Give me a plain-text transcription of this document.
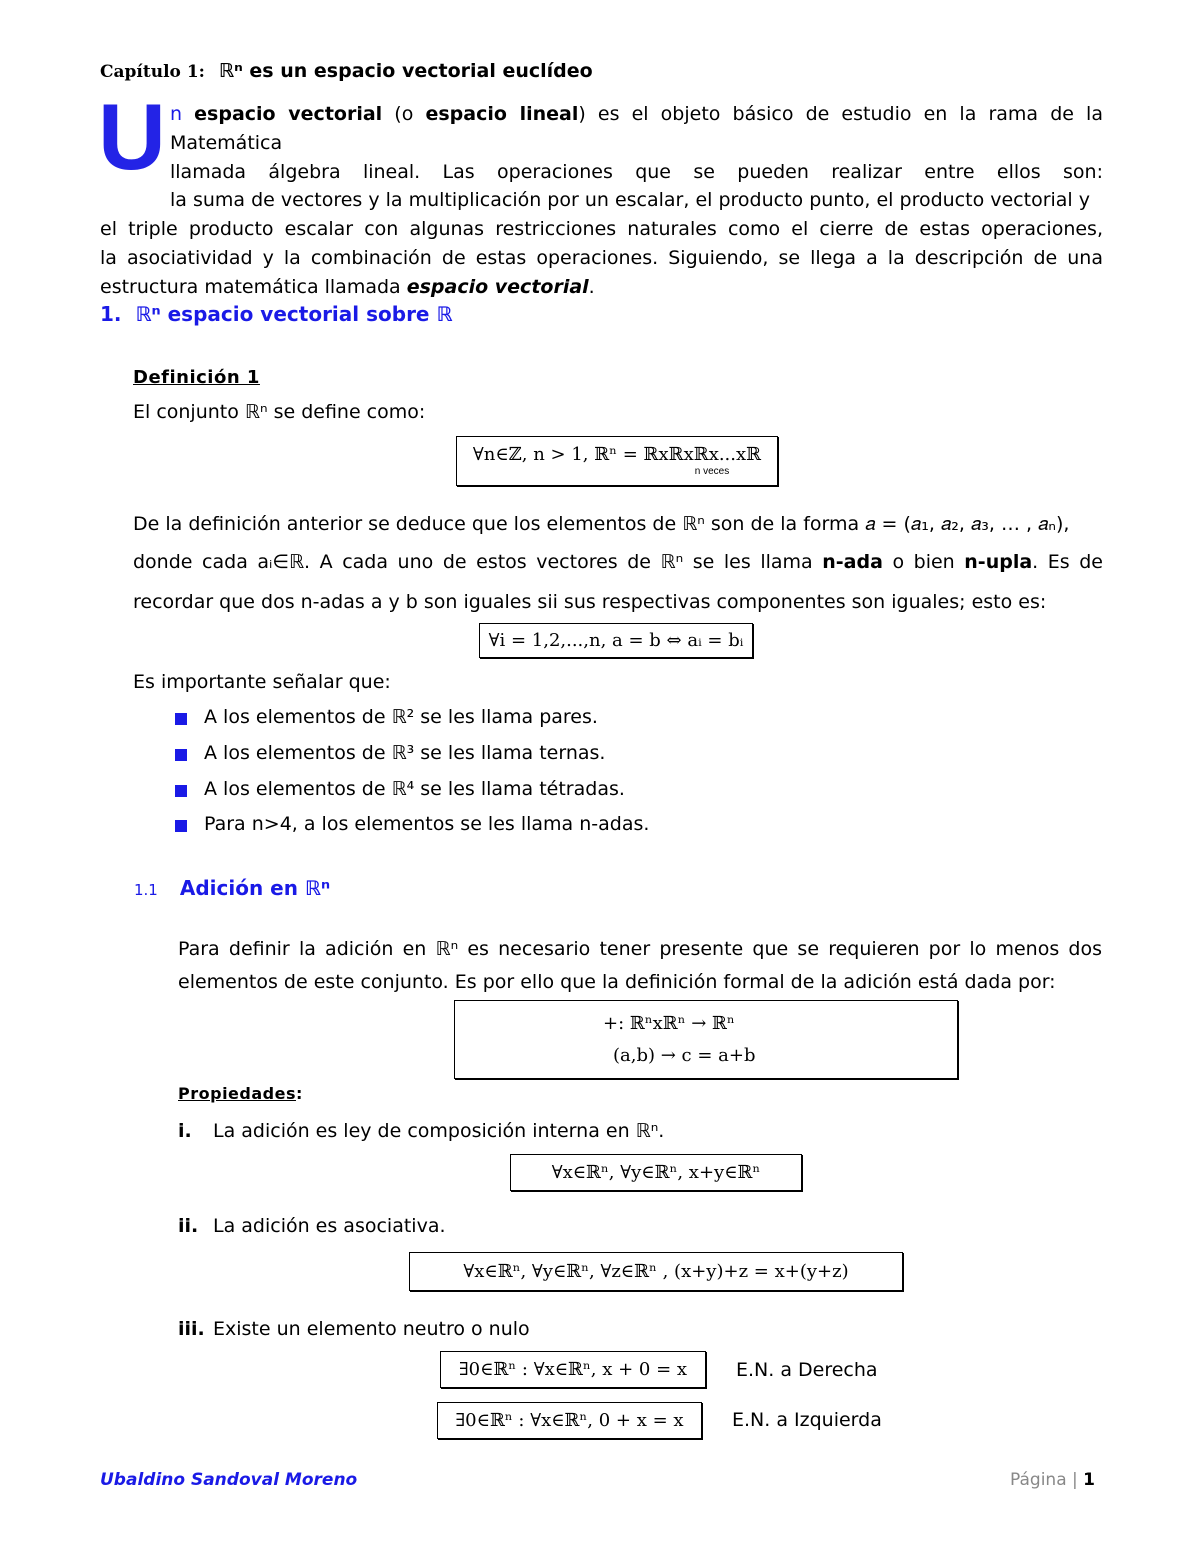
Capítulo 1: ℝⁿ es un espacio vectorial euclídeo
U n espacio vectorial (o espacio lineal) es el objeto básico de estudio en la rama de la Matemática
llamada álgebra lineal. Las operaciones que se pueden realizar entre ellos son:
la suma de vectores y la multiplicación por un escalar, el producto punto, el producto vectorial y
el triple producto escalar con algunas restricciones naturales como el cierre de estas operaciones,
la asociatividad y la combinación de estas operaciones. Siguiendo, se llega a la descripción de una
estructura matemática llamada espacio vectorial.
1. ℝⁿ espacio vectorial sobre ℝ
Definición 1
El conjunto ℝⁿ se define como:
∀n∈ℤ, n > 1, ℝⁿ = ℝxℝxℝx...xℝ
n veces
De la definición anterior se deduce que los elementos de ℝⁿ son de la forma 𝑎 = (𝑎₁, 𝑎₂, 𝑎₃, … , 𝑎ₙ),
donde cada aᵢ∈ℝ. A cada uno de estos vectores de ℝⁿ se les llama n-ada o bien n-upla. Es de
recordar que dos n-adas a y b son iguales sii sus respectivas componentes son iguales; esto es:
∀i = 1,2,...,n, a = b ⇔ aᵢ = bᵢ
Es importante señalar que:
A los elementos de ℝ² se les llama pares.
A los elementos de ℝ³ se les llama ternas.
A los elementos de ℝ⁴ se les llama tétradas.
Para n>4, a los elementos se les llama n-adas.
1.1 Adición en ℝⁿ
Para definir la adición en ℝⁿ es necesario tener presente que se requieren por lo menos dos
elementos de este conjunto. Es por ello que la definición formal de la adición está dada por:
+: ℝⁿxℝⁿ → ℝⁿ
(a,b) → c = a+b
Propiedades:
i. La adición es ley de composición interna en ℝⁿ.
∀x∈ℝⁿ, ∀y∈ℝⁿ, x+y∈ℝⁿ
ii. La adición es asociativa.
∀x∈ℝⁿ, ∀y∈ℝⁿ, ∀z∈ℝⁿ , (x+y)+z = x+(y+z)
iii. Existe un elemento neutro o nulo
∃0∈ℝⁿ : ∀x∈ℝⁿ, x + 0 = x	E.N. a Derecha
∃0∈ℝⁿ : ∀x∈ℝⁿ, 0 + x = x	E.N. a Izquierda
Ubaldino Sandoval Moreno	Página | 1
